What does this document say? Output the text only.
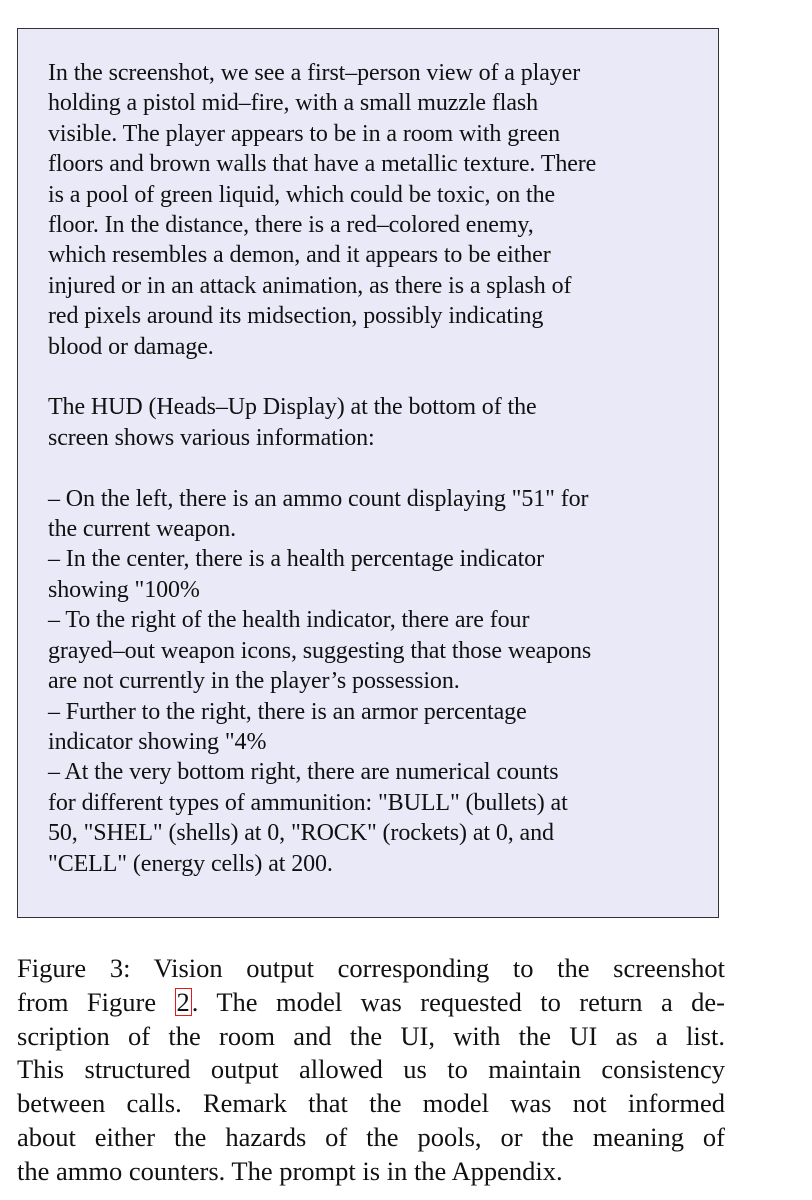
In the screenshot, we see a first–person view of a player
holding a pistol mid–fire, with a small muzzle flash
visible. The player appears to be in a room with green
floors and brown walls that have a metallic texture. There
is a pool of green liquid, which could be toxic, on the
floor. In the distance, there is a red–colored enemy,
which resembles a demon, and it appears to be either
injured or in an attack animation, as there is a splash of
red pixels around its midsection, possibly indicating
blood or damage.
The HUD (Heads–Up Display) at the bottom of the
screen shows various information:
– On the left, there is an ammo count displaying "51" for
the current weapon.
– In the center, there is a health percentage indicator
showing "100%
– To the right of the health indicator, there are four
grayed–out weapon icons, suggesting that those weapons
are not currently in the player’s possession.
– Further to the right, there is an armor percentage
indicator showing "4%
– At the very bottom right, there are numerical counts
for different types of ammunition: "BULL" (bullets) at
50, "SHEL" (shells) at 0, "ROCK" (rockets) at 0, and
"CELL" (energy cells) at 200.
Figure 3: Vision output corresponding to the screenshot
from Figure 2. The model was requested to return a de-
scription of the room and the UI, with the UI as a list.
This structured output allowed us to maintain consistency
between calls. Remark that the model was not informed
about either the hazards of the pools, or the meaning of
the ammo counters. The prompt is in the Appendix.
